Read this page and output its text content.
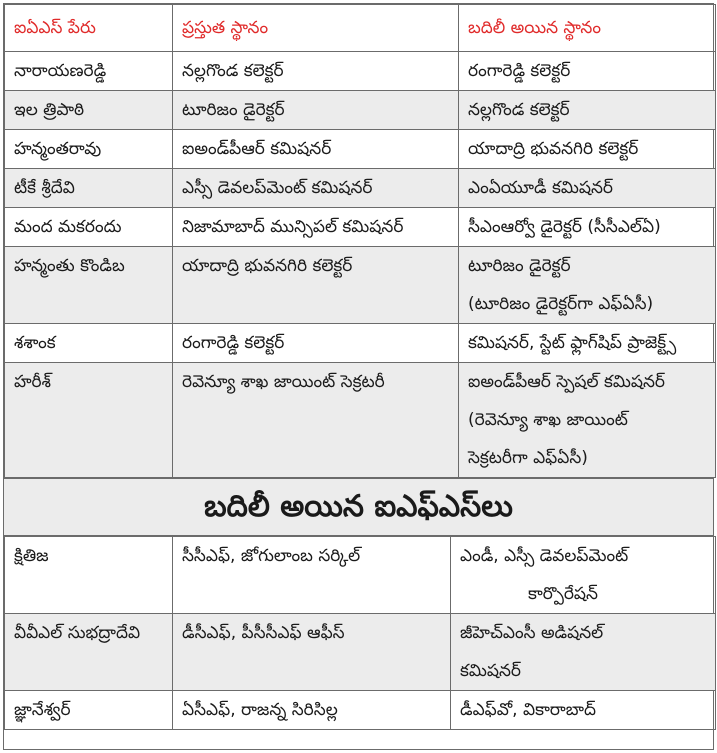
ఐఏఎస్‌ పేరు	ప్రస్తుత స్థానం	బదిలీ అయిన స్థానం
నారాయణరెడ్డి	నల్లగొండ కలెక్టర్‌	రంగారెడ్డి కలెక్టర్‌

ఇల త్రిపాఠి	టూరిజం డైరెక్టర్‌	నల్లగొండ కలెక్టర్‌

హన్మంతరావు	ఐఅండ్‌పీఆర్‌ కమిషనర్‌	యాదాద్రి భువనగిరి కలెక్టర్‌

టీకే శ్రీదేవి	ఎస్సీ డెవలప్‌మెంట్‌ కమిషనర్‌	ఎంఏయూడీ కమిషనర్‌

మంద మకరందు	నిజామాబాద్‌ మున్సిపల్‌ కమిషనర్‌	సీఎంఆర్వో డైరెక్టర్‌ (సీసీఎల్‌ఏ)

హన్మంతు కొండిబ	యాదాద్రి భువనగిరి కలెక్టర్‌	టూరిజం డైరెక్టర్‌
(టూరిజం డైరెక్టర్‌గా ఎఫ్‌ఏసీ)

శశాంక	రంగారెడ్డి కలెక్టర్‌	కమిషనర్‌, స్టేట్‌ ఫ్లాగ్‌షిప్‌ ప్రాజెక్ట్స్‌

హరీశ్‌	రెవెన్యూ శాఖ జాయింట్‌ సెక్రటరీ	ఐఅండ్‌పీఆర్‌ స్పెషల్‌ కమిషనర్‌
(రెవెన్యూ శాఖ జాయింట్‌
సెక్రటరీగా ఎఫ్‌ఏసీ)
బదిలీ అయిన ఐఎఫ్‌ఎస్‌లు
క్షితిజ	సీసీఎఫ్‌, జోగులాంబ సర్కిల్‌	ఎండీ, ఎస్సీ డెవలప్‌మెంట్‌
కార్పొరేషన్‌

వీవీఎల్‌ సుభద్రాదేవి	డీసీఎఫ్‌, పీసీసీఎఫ్‌ ఆఫీస్‌	జీహెచ్‌ఎంసీ అడిషనల్‌
కమిషనర్‌

జ్ఞానేశ్వర్‌	ఏసీఎఫ్‌, రాజన్న సిరిసిల్ల	డీఎఫ్‌వో, వికారాబాద్‌
